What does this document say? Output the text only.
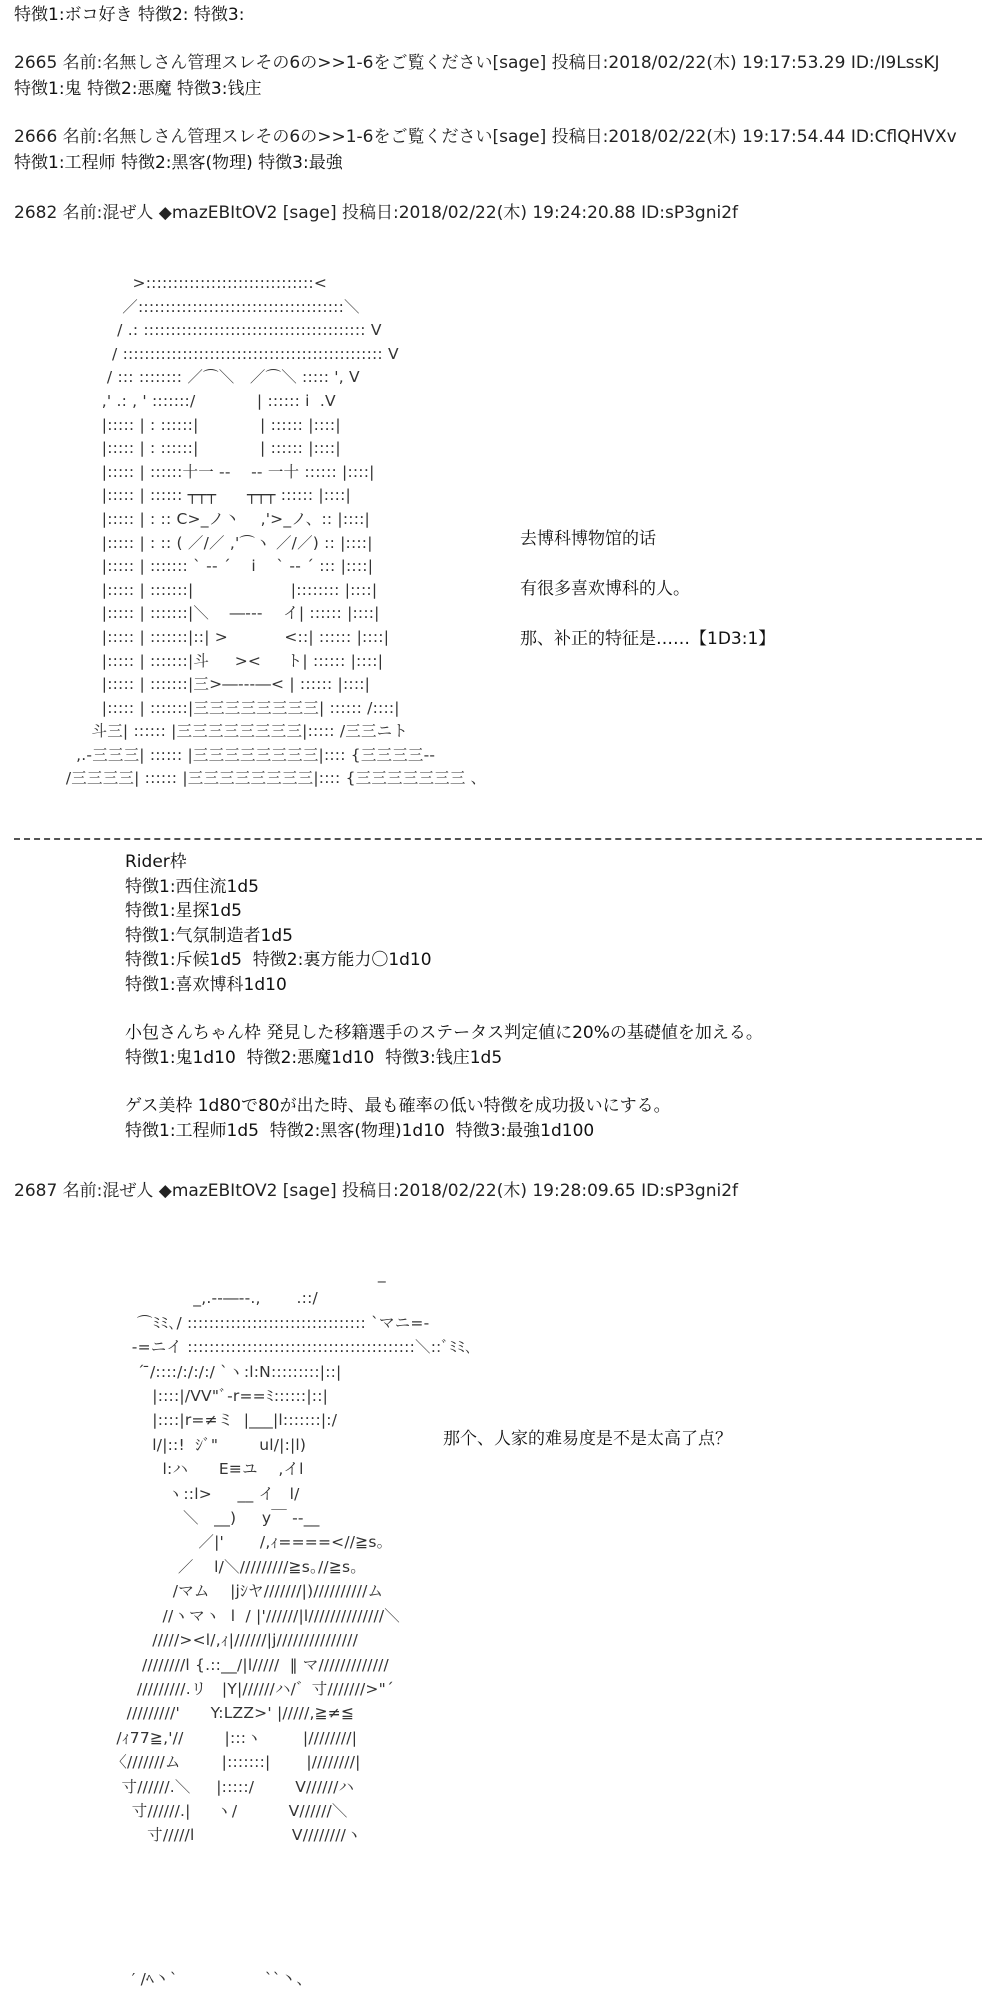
特徴1:ボコ好き 特徴2: 特徴3:
2665 名前:名無しさん管理スレその6の>>1-6をご覧ください[sage] 投稿日:2018/02/22(木) 19:17:53.29 ID:/I9LssKJ
特徴1:鬼 特徴2:悪魔 特徴3:钱庄
2666 名前:名無しさん管理スレその6の>>1-6をご覧ください[sage] 投稿日:2018/02/22(木) 19:17:54.44 ID:CflQHVXv
特徴1:工程师 特徴2:黑客(物理) 特徴3:最強
2682 名前:混ぜ人 ◆mazEBItOV2 [sage] 投稿日:2018/02/22(木) 19:24:20.88 ID:sP3gni2f
>:::::::::::::::::::::::::::::::<
／::::::::::::::::::::::::::::::::::::::＼
/ .: ::::::::::::::::::::::::::::::::::::::::: V
/ :::::::::::::::::::::::::::::::::::::::::::::::: V
/ ::: :::::::: ／⌒＼   ／⌒＼ ::::: ', V
,' .: , ' :::::::/            | :::::: i  .V
|::::: | : ::::::|            | :::::: |::::|
|::::: | : ::::::|            | :::::: |::::|
|::::: | ::::::十一 -‐    ‐- 一十 :::::: |::::|
|::::: | :::::: ┬┬┬      ┬┬┬ :::::: |::::|
|::::: | : :: C>_ノ丶    ,'>_ノ、:: |::::|
|::::: | : :: ( ／/／ ,'⌒ヽ ／/／) :: |::::|
|::::: | ::::::: ` -‐ ´    i    ` -‐ ´ ::: |::::|
|::::: | :::::::|                   |:::::::: |::::|
|::::: | :::::::|＼    ―‐‐‐    イ| :::::: |::::|
|::::: | :::::::|::| >           <::| :::::: |::::|
|::::: | :::::::|斗     ><     ト| :::::: |::::|
|::::: | :::::::|三>―‐‐‐―< | :::::: |::::|
|::::: | :::::::|三三三三三三三三| :::::: /::::|
斗三| :::::: |三三三三三三三三|::::: /三三ニト
,.-三三三| :::::: |三三三三三三三三|:::: {三三三三‐-
/三三三三| :::::: |三三三三三三三三|:::: {三三三三三三三 、
去博科博物馆的话
有很多喜欢博科的人。
那、补正的特征是……【1D3:1】
Rider枠
特徴1:西住流1d5
特徴1:星探1d5
特徴1:气氛制造者1d5
特徴1:斥候1d5  特徴2:裏方能力〇1d10
特徴1:喜欢博科1d10
小包さんちゃん枠 発見した移籍選手のステータス判定値に20%の基礎値を加える。
特徴1:鬼1d10  特徴2:悪魔1d10  特徴3:钱庄1d5
ゲス美枠 1d80で80が出た時、最も確率の低い特徴を成功扱いにする。
特徴1:工程师1d5  特徴2:黑客(物理)1d10  特徴3:最強1d100
2687 名前:混ぜ人 ◆mazEBItOV2 [sage] 投稿日:2018/02/22(木) 19:28:09.65 ID:sP3gni2f
_
_,.-‐―‐-.,       .::/
⌒ﾐﾐ､/ ::::::::::::::::::::::::::::::::: `マニ=‐
-=ニイ ::::::::::::::::::::::::::::::::::::::::::＼::ﾞﾐﾐ､
´ ̄/::::/:/:/:/ `ヽ:l:N:::::::::|::|
|::::|/VV"ﾞ‐r==ﾐ::::::|::|
|::::|r=≠ミ  |___|l:::::::|:/
l/|::!  ｼﾞ"        ul/|:|l)
l:ハ      E≡ユ    ,イl
ヽ::l>     __ イ   l/
＼   __)     y￣ ‐‐__
／|'       /,ｨ====<//≧s｡
／    l/＼/////////≧s｡//≧s｡
/マム    |jｼヤ///////|)//////////ム
//ヽマヽ  l  / |'//////|l//////////////＼
/////><l/,ｨ|//////|j///////////////
////////l {.::__/|l/////  ‖ マ/////////////
/////////.リ   |Y|//////ハ/゛寸///////>"´
/////////'      Y:LZZ>' |/////,≧≠≦
/ｨ77≧,'//        |:::ヽ        |////////|
〈///////ム        |:::::::|       |////////|
寸//////.＼     |:::::/        V//////ハ
寸//////.|     ヽ/          V//////＼
寸/////l                   V////////ヽ
那个、人家的难易度是不是太高了点？
′ /ﾍ丶`                 ``丶、
